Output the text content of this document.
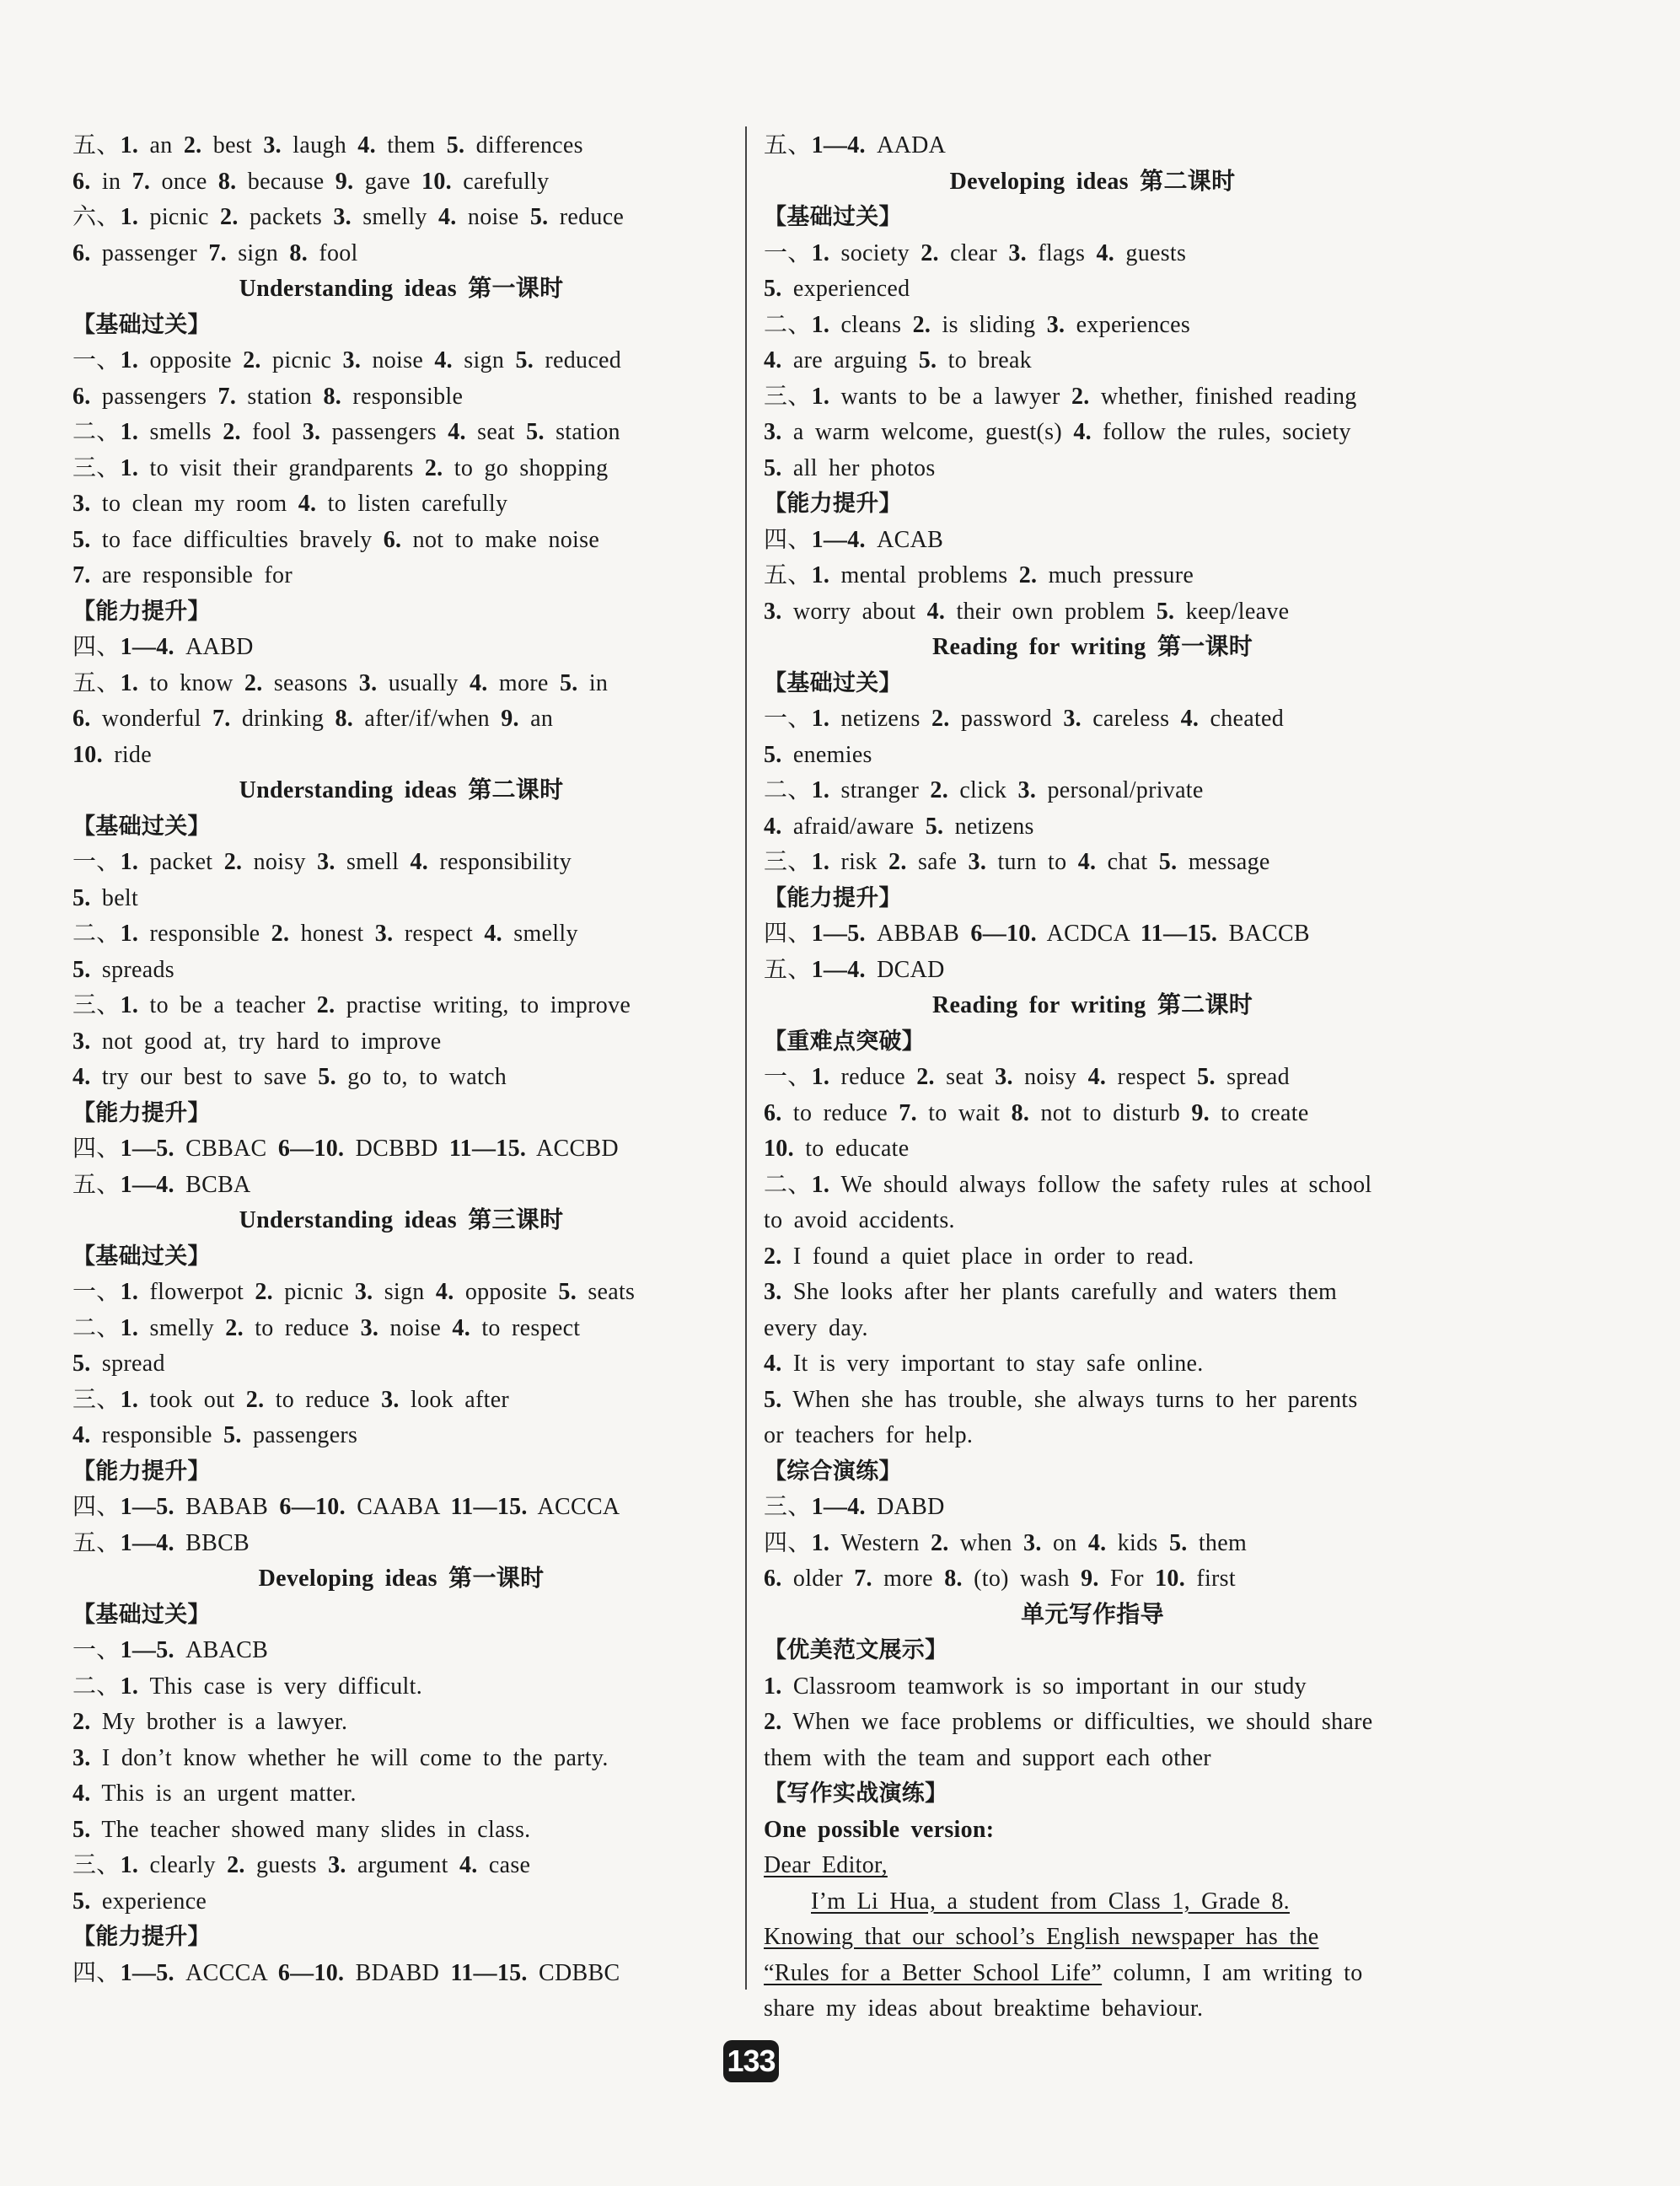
五、1. an 2. best 3. laugh 4. them 5. differences
6. in 7. once 8. because 9. gave 10. carefully
六、1. picnic 2. packets 3. smelly 4. noise 5. reduce
6. passenger 7. sign 8. fool
Understanding ideas 第一课时
【基础过关】
一、1. opposite 2. picnic 3. noise 4. sign 5. reduced
6. passengers 7. station 8. responsible
二、1. smells 2. fool 3. passengers 4. seat 5. station
三、1. to visit their grandparents 2. to go shopping
3. to clean my room 4. to listen carefully
5. to face difficulties bravely 6. not to make noise
7. are responsible for
【能力提升】
四、1—4. AABD
五、1. to know 2. seasons 3. usually 4. more 5. in
6. wonderful 7. drinking 8. after/if/when 9. an
10. ride
Understanding ideas 第二课时
【基础过关】
一、1. packet 2. noisy 3. smell 4. responsibility
5. belt
二、1. responsible 2. honest 3. respect 4. smelly
5. spreads
三、1. to be a teacher 2. practise writing, to improve
3. not good at, try hard to improve
4. try our best to save 5. go to, to watch
【能力提升】
四、1—5. CBBAC 6—10. DCBBD 11—15. ACCBD
五、1—4. BCBA
Understanding ideas 第三课时
【基础过关】
一、1. flowerpot 2. picnic 3. sign 4. opposite 5. seats
二、1. smelly 2. to reduce 3. noise 4. to respect
5. spread
三、1. took out 2. to reduce 3. look after
4. responsible 5. passengers
【能力提升】
四、1—5. BABAB 6—10. CAABA 11—15. ACCCA
五、1—4. BBCB
Developing ideas 第一课时
【基础过关】
一、1—5. ABACB
二、1. This case is very difficult.
2. My brother is a lawyer.
3. I don’t know whether he will come to the party.
4. This is an urgent matter.
5. The teacher showed many slides in class.
三、1. clearly 2. guests 3. argument 4. case
5. experience
【能力提升】
四、1—5. ACCCA 6—10. BDABD 11—15. CDBBC
五、1—4. AADA
Developing ideas 第二课时
【基础过关】
一、1. society 2. clear 3. flags 4. guests
5. experienced
二、1. cleans 2. is sliding 3. experiences
4. are arguing 5. to break
三、1. wants to be a lawyer 2. whether, finished reading
3. a warm welcome, guest(s) 4. follow the rules, society
5. all her photos
【能力提升】
四、1—4. ACAB
五、1. mental problems 2. much pressure
3. worry about 4. their own problem 5. keep/leave
Reading for writing 第一课时
【基础过关】
一、1. netizens 2. password 3. careless 4. cheated
5. enemies
二、1. stranger 2. click 3. personal/private
4. afraid/aware 5. netizens
三、1. risk 2. safe 3. turn to 4. chat 5. message
【能力提升】
四、1—5. ABBAB 6—10. ACDCA 11—15. BACCB
五、1—4. DCAD
Reading for writing 第二课时
【重难点突破】
一、1. reduce 2. seat 3. noisy 4. respect 5. spread
6. to reduce 7. to wait 8. not to disturb 9. to create
10. to educate
二、1. We should always follow the safety rules at school
to avoid accidents.
2. I found a quiet place in order to read.
3. She looks after her plants carefully and waters them
every day.
4. It is very important to stay safe online.
5. When she has trouble, she always turns to her parents
or teachers for help.
【综合演练】
三、1—4. DABD
四、1. Western 2. when 3. on 4. kids 5. them
6. older 7. more 8. (to) wash 9. For 10. first
单元写作指导
【优美范文展示】
1. Classroom teamwork is so important in our study
2. When we face problems or difficulties, we should share
them with the team and support each other
【写作实战演练】
One possible version:
Dear Editor,
I’m Li Hua, a student from Class 1, Grade 8.
Knowing that our school’s English newspaper has the
“Rules for a Better School Life” column, I am writing to
share my ideas about breaktime behaviour.
133
